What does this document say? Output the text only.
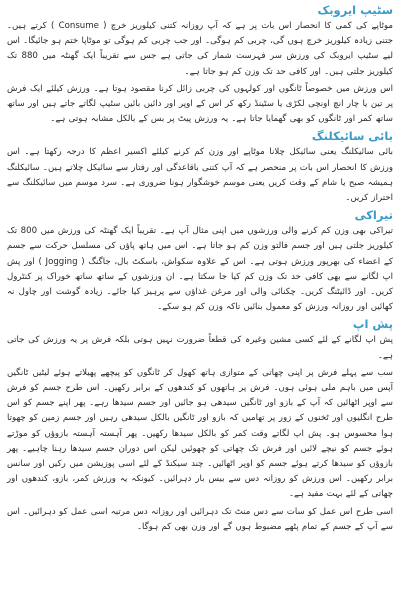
سٹیپ ایروبک

موٹاپے کی کمی کا انحصار اس بات پر ہے کہ آپ روزانہ کتنی کیلوریز خرچ ( Consume ) کرتے ہیں۔ جتنی زیادہ کیلوریز خرچ ہوں گی، چربی کم ہوگی۔ اور جب چربی کم ہوگی تو موٹاپا ختم ہو جائیگا۔ اس لیے سٹیپ ایروبک کی ورزش سر فہرست شمار کی جاتی ہے جس سے تقریباً ایک گھنٹہ میں 880 تک کیلوریز جلتی ہیں۔ اور کافی حد تک وزن کم ہو جاتا ہے۔

اس ورزش میں خصوصاً ٹانگوں اور کولہوں کی چربی زائل کرنا مقصود ہوتا ہے۔ ورزش کیلئے ایک فرش پر تین یا چار انچ اونچی لکڑی یا سٹینڈ رکھ کر اس کے اوپر اور دائیں بائیں سٹیپ لگاتے جاتے ہیں اور ساتھ ساتھ کمر اور ٹانگوں کو بھی گھمایا جاتا ہے۔ یہ ورزش پیٹ پر بس کے بالکل مشابہ ہوتی ہے۔

بائی سائیکلنگ

بائی سائیکلنگ یعنی سائیکل چلانا موٹاپے اور وزن کم کرنے کیلئے اکسیر اعظم کا درجہ رکھتا ہے۔ اس ورزش کا انحصار اس بات پر منحصر ہے کہ آپ کتنی باقاعدگی اور رفتار سے سائیکل چلاتے ہیں۔ سائیکلنگ ہمیشہ صبح یا شام کے وقت کریں یعنی موسم خوشگوار ہونا ضروری ہے۔ سرد موسم میں سائیکلنگ سے احتراز کریں۔

تیراکی

تیراکی بھی وزن کم کرنے والی ورزشوں میں اپنی مثال آپ ہے۔ تقریباً ایک گھنٹہ کی ورزش میں 800 تک کیلوریز جلتی ہیں اور جسم فالتو وزن کم ہو جاتا ہے۔ اس میں ہاتھ پاؤں کی مسلسل حرکت سے جسم کے اعضاء کی بھرپور ورزش ہوتی ہے۔ اس کے علاوہ سکواش، باسکٹ بال، جاگنگ ( Jogging ) اور پش اپ لگانے سے بھی کافی حد تک وزن کم کیا جا سکتا ہے۔ ان ورزشوں کے ساتھ ساتھ خوراک پر کنٹرول کریں۔ اور ڈائیٹنگ کریں۔ چکنائی والی اور مرغن غذاؤں سے پرہیز کیا جائے۔ زیادہ گوشت اور چاول نہ کھائیں اور روزانہ ورزش کو معمول بنائیں تاکہ وزن کم ہو سکے۔

پش اپ

پش اپ لگانے کے لئے کسی مشین وغیرہ کی قطعاً ضرورت نہیں ہوتی بلکہ فرش پر یہ ورزش کی جاتی ہے۔

سب سے پہلے فرش پر اپنی چھاتی کے متوازی ہاتھ کھول کر ٹانگوں کو پیچھے پھیلاتے ہوئے لیٹیں ٹانگیں آپس میں باہم ملی ہوئی ہوں۔ فرش پر ہاتھوں کو کندھوں کے برابر رکھیں۔ اس طرح جسم کو فرش سے اوپر اٹھائیں کہ آپ کے بازو اور ٹانگیں سیدھی ہو جائیں اور جسم سیدھا رہے۔ پھر اپنے جسم کو اس طرح انگلیوں اور ٹخنوں کے زور پر تھامیں کہ بازو اور ٹانگیں بالکل سیدھی رہیں اور جسم زمین کو چھوتا ہوا محسوس ہو۔ پش اپ لگاتے وقت کمر کو بالکل سیدھا رکھیں۔ پھر آہستہ آہستہ بازوؤں کو موڑتے ہوئے جسم کو نیچے لائیں اور فرش تک چھاتی کو چھوئیں لیکن اس دوران جسم سیدھا رہنا چاہیے۔ پھر بازوؤں کو سیدھا کرتے ہوئے جسم کو اوپر اٹھائیں۔ چند سیکنڈ کے لئے اسی پوزیشن میں رکیں اور سانس برابر رکھیں۔ اس ورزش کو روزانہ دس سے بیس بار دہرائیں۔ کیونکہ یہ ورزش کمر، بازو، کندھوں اور چھاتی کے لئے بہت مفید ہے۔

اسی طرح اس عمل کو سات سے دس منٹ تک دہرائیں اور روزانہ دس مرتبہ اسی عمل کو دہرائیں۔ اس سے آپ کے جسم کے تمام پٹھے مضبوط ہوں گے اور وزن بھی کم ہوگا۔
